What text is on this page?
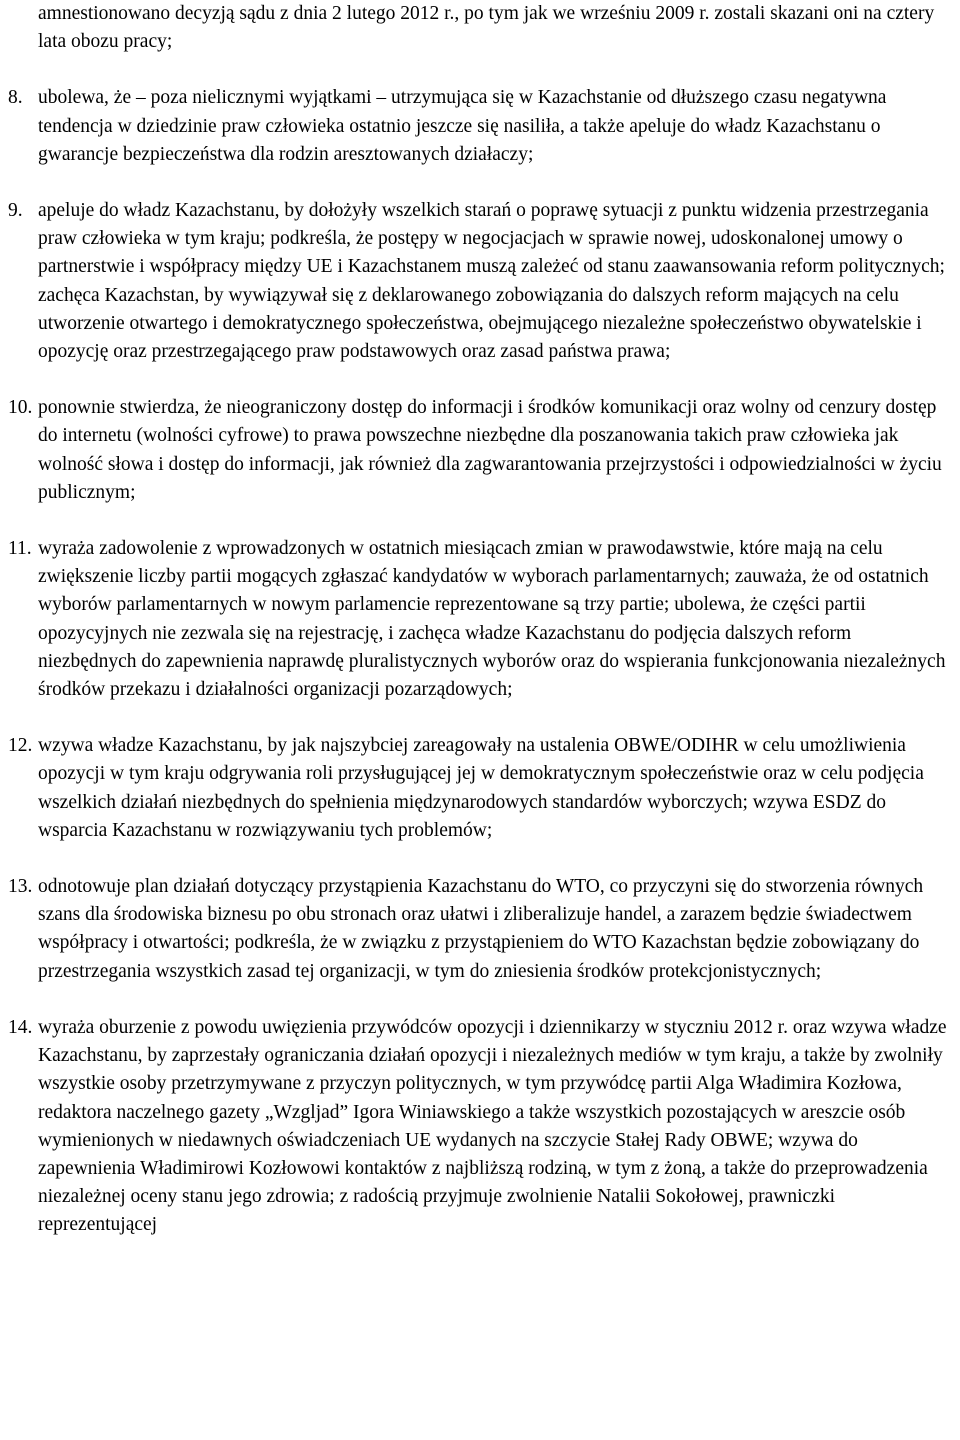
amnestionowano decyzją sądu z dnia 2 lutego 2012 r., po tym jak we wrześniu 2009 r. zostali skazani oni na cztery lata obozu pracy;
8. ubolewa, że – poza nielicznymi wyjątkami – utrzymująca się w Kazachstanie od dłuższego czasu negatywna tendencja w dziedzinie praw człowieka ostatnio jeszcze się nasiliła, a także apeluje do władz Kazachstanu o gwarancje bezpieczeństwa dla rodzin aresztowanych działaczy;
9. apeluje do władz Kazachstanu, by dołożyły wszelkich starań o poprawę sytuacji z punktu widzenia przestrzegania praw człowieka w tym kraju; podkreśla, że postępy w negocjacjach w sprawie nowej, udoskonalonej umowy o partnerstwie i współpracy między UE i Kazachstanem muszą zależeć od stanu zaawansowania reform politycznych; zachęca Kazachstan, by wywiązywał się z deklarowanego zobowiązania do dalszych reform mających na celu utworzenie otwartego i demokratycznego społeczeństwa, obejmującego niezależne społeczeństwo obywatelskie i opozycję oraz przestrzegającego praw podstawowych oraz zasad państwa prawa;
10. ponownie stwierdza, że nieograniczony dostęp do informacji i środków komunikacji oraz wolny od cenzury dostęp do internetu (wolności cyfrowe) to prawa powszechne niezbędne dla poszanowania takich praw człowieka jak wolność słowa i dostęp do informacji, jak również dla zagwarantowania przejrzystości i odpowiedzialności w życiu publicznym;
11. wyraża zadowolenie z wprowadzonych w ostatnich miesiącach zmian w prawodawstwie, które mają na celu zwiększenie liczby partii mogących zgłaszać kandydatów w wyborach parlamentarnych; zauważa, że od ostatnich wyborów parlamentarnych w nowym parlamencie reprezentowane są trzy partie; ubolewa, że części partii opozycyjnych nie zezwala się na rejestrację, i zachęca władze Kazachstanu do podjęcia dalszych reform niezbędnych do zapewnienia naprawdę pluralistycznych wyborów oraz do wspierania funkcjonowania niezależnych środków przekazu i działalności organizacji pozarządowych;
12. wzywa władze Kazachstanu, by jak najszybciej zareagowały na ustalenia OBWE/ODIHR w celu umożliwienia opozycji w tym kraju odgrywania roli przysługującej jej w demokratycznym społeczeństwie oraz w celu podjęcia wszelkich działań niezbędnych do spełnienia międzynarodowych standardów wyborczych; wzywa ESDZ do wsparcia Kazachstanu w rozwiązywaniu tych problemów;
13. odnotowuje plan działań dotyczący przystąpienia Kazachstanu do WTO, co przyczyni się do stworzenia równych szans dla środowiska biznesu po obu stronach oraz ułatwi i zliberalizuje handel, a zarazem będzie świadectwem współpracy i otwartości; podkreśla, że w związku z przystąpieniem do WTO Kazachstan będzie zobowiązany do przestrzegania wszystkich zasad tej organizacji, w tym do zniesienia środków protekcjonistycznych;
14. wyraża oburzenie z powodu uwięzienia przywódców opozycji i dziennikarzy w styczniu 2012 r. oraz wzywa władze Kazachstanu, by zaprzestały ograniczania działań opozycji i niezależnych mediów w tym kraju, a także by zwolniły wszystkie osoby przetrzymywane z przyczyn politycznych, w tym przywódcę partii Alga Władimira Kozłowa, redaktora naczelnego gazety „Wzgljad” Igora Winiawskiego a także wszystkich pozostających w areszcie osób wymienionych w niedawnych oświadczeniach UE wydanych na szczycie Stałej Rady OBWE; wzywa do zapewnienia Władimirowi Kozłowowi kontaktów z najbliższą rodziną, w tym z żoną, a także do przeprowadzenia niezależnej oceny stanu jego zdrowia; z radością przyjmuje zwolnienie Natalii Sokołowej, prawniczki reprezentującej
